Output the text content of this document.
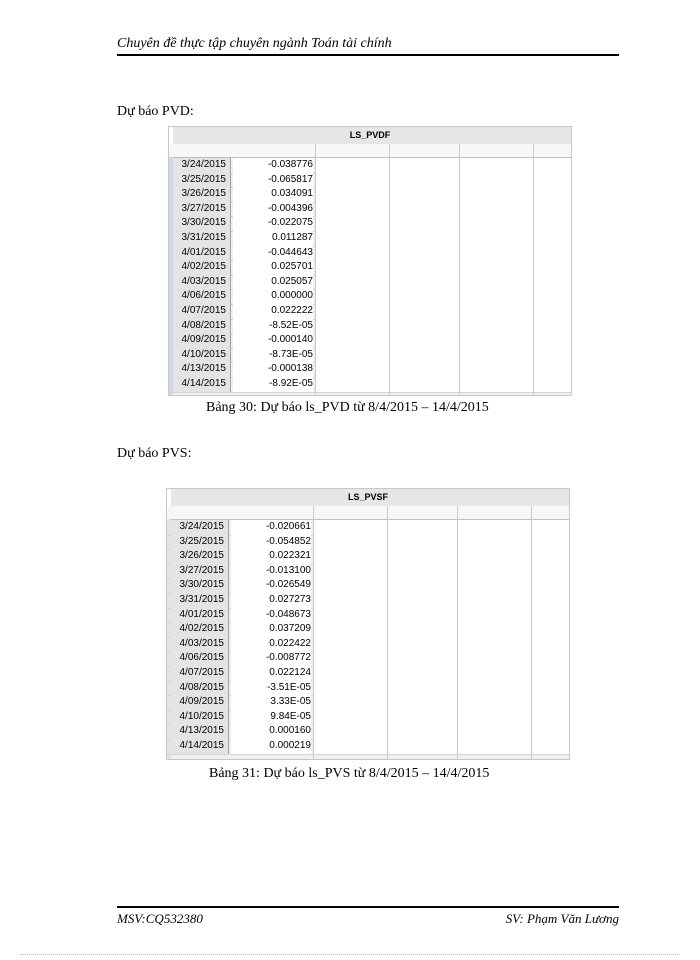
Chuyên đề thực tập chuyên ngành Toán tài chính
Dự báo PVD:
LS_PVDF
3/24/2015	-0.038776
3/25/2015	-0.065817
3/26/2015	0.034091
3/27/2015	-0.004396
3/30/2015	-0.022075
3/31/2015	0.011287
4/01/2015	-0.044643
4/02/2015	0.025701
4/03/2015	0.025057
4/06/2015	0.000000
4/07/2015	0.022222
4/08/2015	-8.52E-05
4/09/2015	-0.000140
4/10/2015	-8.73E-05
4/13/2015	-0.000138
4/14/2015	-8.92E-05
Bảng 30: Dự báo ls_PVD từ 8/4/2015 – 14/4/2015
Dự báo PVS:
LS_PVSF
3/24/2015	-0.020661
3/25/2015	-0.054852
3/26/2015	0.022321
3/27/2015	-0.013100
3/30/2015	-0.026549
3/31/2015	0.027273
4/01/2015	-0.048673
4/02/2015	0.037209
4/03/2015	0.022422
4/06/2015	-0.008772
4/07/2015	0.022124
4/08/2015	-3.51E-05
4/09/2015	3.33E-05
4/10/2015	9.84E-05
4/13/2015	0.000160
4/14/2015	0.000219
Bảng 31: Dự báo ls_PVS từ 8/4/2015 – 14/4/2015
MSV:CQ532380	SV: Phạm Văn Lương
